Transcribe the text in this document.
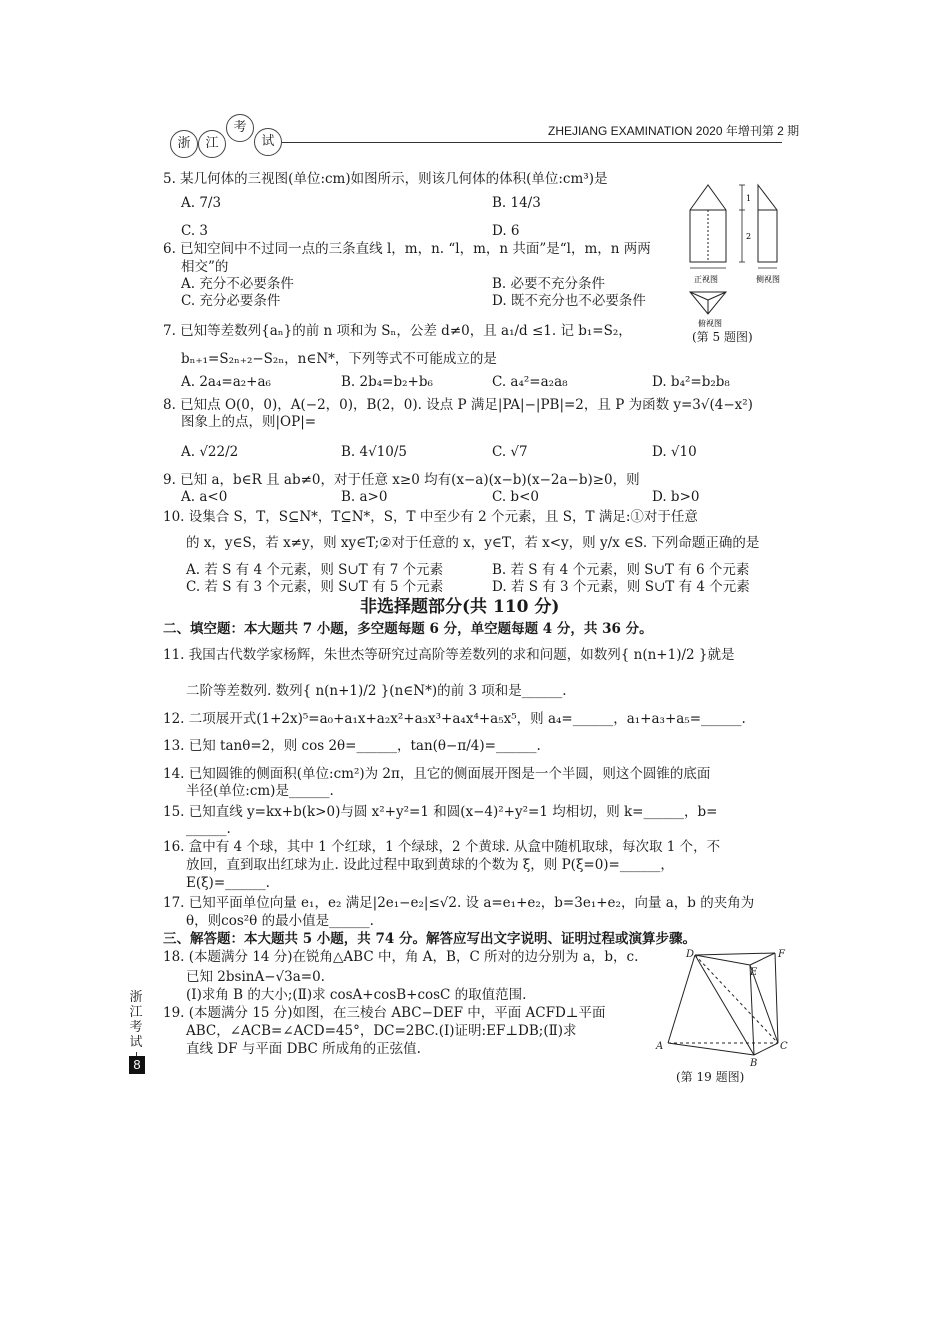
浙	江
考
试
ZHEJIANG EXAMINATION 2020 年增刊第 2 期
5. 某几何体的三视图(单位:cm)如图所示，则该几何体的体积(单位:cm³)是
A. 7/3	B. 14/3
C. 3	D. 6
6. 已知空间中不过同一点的三条直线 l，m，n. “l，m，n 共面”是“l，m，n 两两
相交”的
A. 充分不必要条件	B. 必要不充分条件
C. 充分必要条件	D. 既不充分也不必要条件
7. 已知等差数列{aₙ}的前 n 项和为 Sₙ，公差 d≠0，且 a₁/d ≤1. 记 b₁=S₂，
bₙ₊₁=S₂ₙ₊₂−S₂ₙ，n∈N*，下列等式不可能成立的是
A. 2a₄=a₂+a₆	B. 2b₄=b₂+b₆	C. a₄²=a₂a₈	D. b₄²=b₂b₈
8. 已知点 O(0，0)，A(−2，0)，B(2，0). 设点 P 满足|PA|−|PB|=2，且 P 为函数 y=3√(4−x²)
图象上的点，则|OP|=
A. √22/2	B. 4√10/5	C. √7	D. √10
9. 已知 a，b∈R 且 ab≠0，对于任意 x≥0 均有(x−a)(x−b)(x−2a−b)≥0，则
A. a<0	B. a>0	C. b<0	D. b>0
10. 设集合 S，T，S⊆N*，T⊆N*，S，T 中至少有 2 个元素，且 S，T 满足:①对于任意
的 x，y∈S，若 x≠y，则 xy∈T;②对于任意的 x，y∈T，若 x<y，则 y/x ∈S. 下列命题正确的是
A. 若 S 有 4 个元素，则 S∪T 有 7 个元素	B. 若 S 有 4 个元素，则 S∪T 有 6 个元素
C. 若 S 有 3 个元素，则 S∪T 有 5 个元素	D. 若 S 有 3 个元素，则 S∪T 有 4 个元素
非选择题部分(共 110 分)
二、填空题：本大题共 7 小题，多空题每题 6 分，单空题每题 4 分，共 36 分。
11. 我国古代数学家杨辉，朱世杰等研究过高阶等差数列的求和问题，如数列{ n(n+1)/2 }就是
二阶等差数列. 数列{ n(n+1)/2 }(n∈N*)的前 3 项和是______.
12. 二项展开式(1+2x)⁵=a₀+a₁x+a₂x²+a₃x³+a₄x⁴+a₅x⁵，则 a₄=______，a₁+a₃+a₅=______.
13. 已知 tanθ=2，则 cos 2θ=______，tan(θ−π/4)=______.
14. 已知圆锥的侧面积(单位:cm²)为 2π，且它的侧面展开图是一个半圆，则这个圆锥的底面
半径(单位:cm)是______.
15. 已知直线 y=kx+b(k>0)与圆 x²+y²=1 和圆(x−4)²+y²=1 均相切，则 k=______，b=
______.
16. 盒中有 4 个球，其中 1 个红球，1 个绿球，2 个黄球. 从盒中随机取球，每次取 1 个，不
放回，直到取出红球为止. 设此过程中取到黄球的个数为 ξ，则 P(ξ=0)=______，
E(ξ)=______.
17. 已知平面单位向量 e₁，e₂ 满足|2e₁−e₂|≤√2. 设 a=e₁+e₂，b=3e₁+e₂，向量 a，b 的夹角为
θ，则cos²θ 的最小值是______.
三、解答题：本大题共 5 小题，共 74 分。解答应写出文字说明、证明过程或演算步骤。
18. (本题满分 14 分)在锐角△ABC 中，角 A，B，C 所对的边分别为 a，b，c.
已知 2bsinA−√3a=0.
(Ⅰ)求角 B 的大小;(Ⅱ)求 cosA+cosB+cosC 的取值范围.
19. (本题满分 15 分)如图，在三棱台 ABC−DEF 中，平面 ACFD⊥平面
ABC，∠ACB=∠ACD=45°，DC=2BC.(Ⅰ)证明:EF⊥DB;(Ⅱ)求
直线 DF 与平面 DBC 所成角的正弦值.
浙
江
考
试
8
1
2
正视图	侧视图
俯视图
(第 5 题图)
D	F
E
A	C
B
(第 19 题图)
